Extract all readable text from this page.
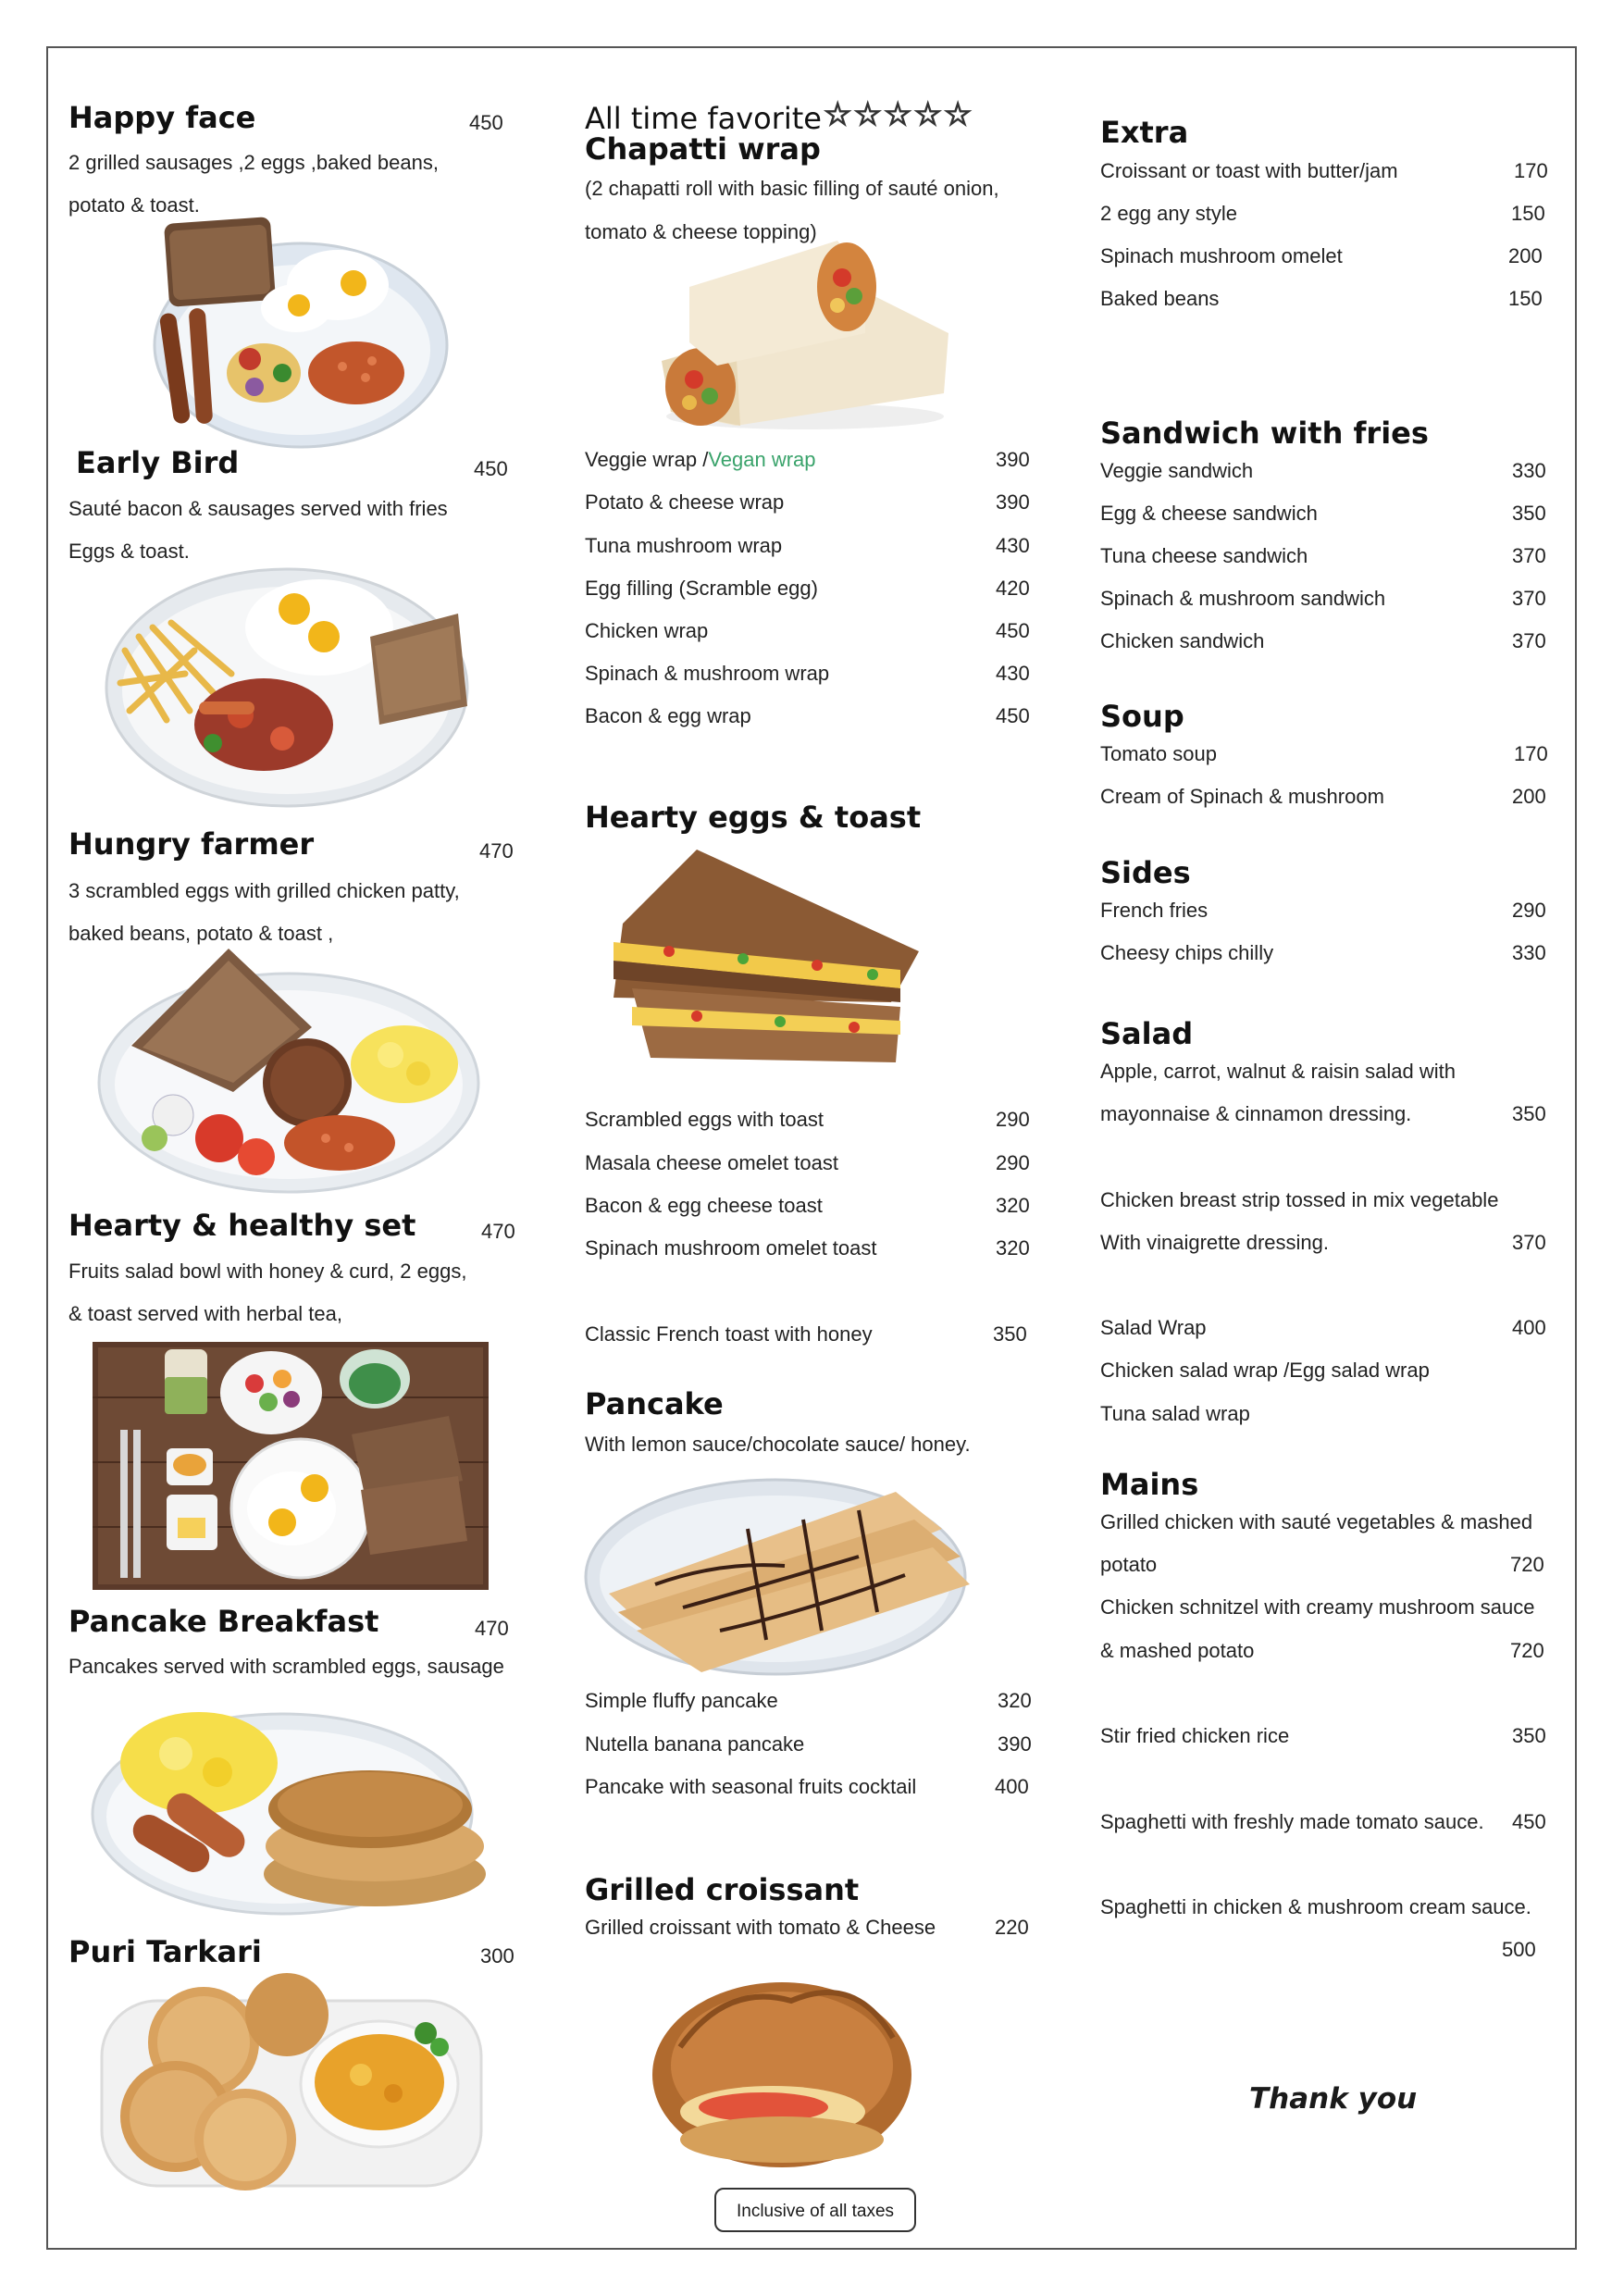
Happy face	450
2 grilled sausages ,2 eggs ,baked beans,
potato & toast.
Early Bird	450
Sauté bacon & sausages served with fries
Eggs & toast.
Hungry farmer	470
3 scrambled eggs with grilled chicken patty,
baked beans, potato & toast ,
Hearty & healthy set	470
Fruits salad bowl with honey & curd, 2 eggs,
& toast served with herbal tea,
Pancake Breakfast	470
Pancakes served with scrambled eggs, sausage
Puri Tarkari	300
All time favorite ☆☆☆☆☆
Chapatti wrap
(2 chapatti roll with basic filling of sauté onion,
tomato & cheese topping)
Veggie wrap /Vegan wrap	390
Potato & cheese wrap	390
Tuna mushroom wrap	430
Egg filling (Scramble egg)	420
Chicken wrap	450
Spinach & mushroom wrap	430
Bacon & egg wrap	450
Hearty eggs & toast
Scrambled eggs with toast	290
Masala cheese omelet toast	290
Bacon & egg cheese toast	320
Spinach mushroom omelet toast	320
Classic French toast with honey	350
Pancake
With lemon sauce/chocolate sauce/ honey.
Simple fluffy pancake	320
Nutella banana pancake	390
Pancake with seasonal fruits cocktail	400
Grilled croissant
Grilled croissant with tomato & Cheese	220
Inclusive of all taxes
Extra
Croissant or toast with butter/jam	170
2 egg any style	150
Spinach mushroom omelet	200
Baked beans	150
Sandwich with fries
Veggie sandwich	330
Egg & cheese sandwich	350
Tuna cheese sandwich	370
Spinach & mushroom sandwich	370
Chicken sandwich	370
Soup
Tomato soup	170
Cream of Spinach & mushroom	200
Sides
French fries	290
Cheesy chips chilly	330
Salad
Apple, carrot, walnut & raisin salad with
mayonnaise & cinnamon dressing.	350
Chicken breast strip tossed in mix vegetable
With vinaigrette dressing.	370
Salad Wrap	400
Chicken salad wrap /Egg salad wrap
Tuna salad wrap
Mains
Grilled chicken with sauté vegetables & mashed
potato	720
Chicken schnitzel with creamy mushroom sauce
& mashed potato	720
Stir fried chicken rice	350
Spaghetti with freshly made tomato sauce. 450
Spaghetti in chicken & mushroom cream sauce.
500
Thank you
